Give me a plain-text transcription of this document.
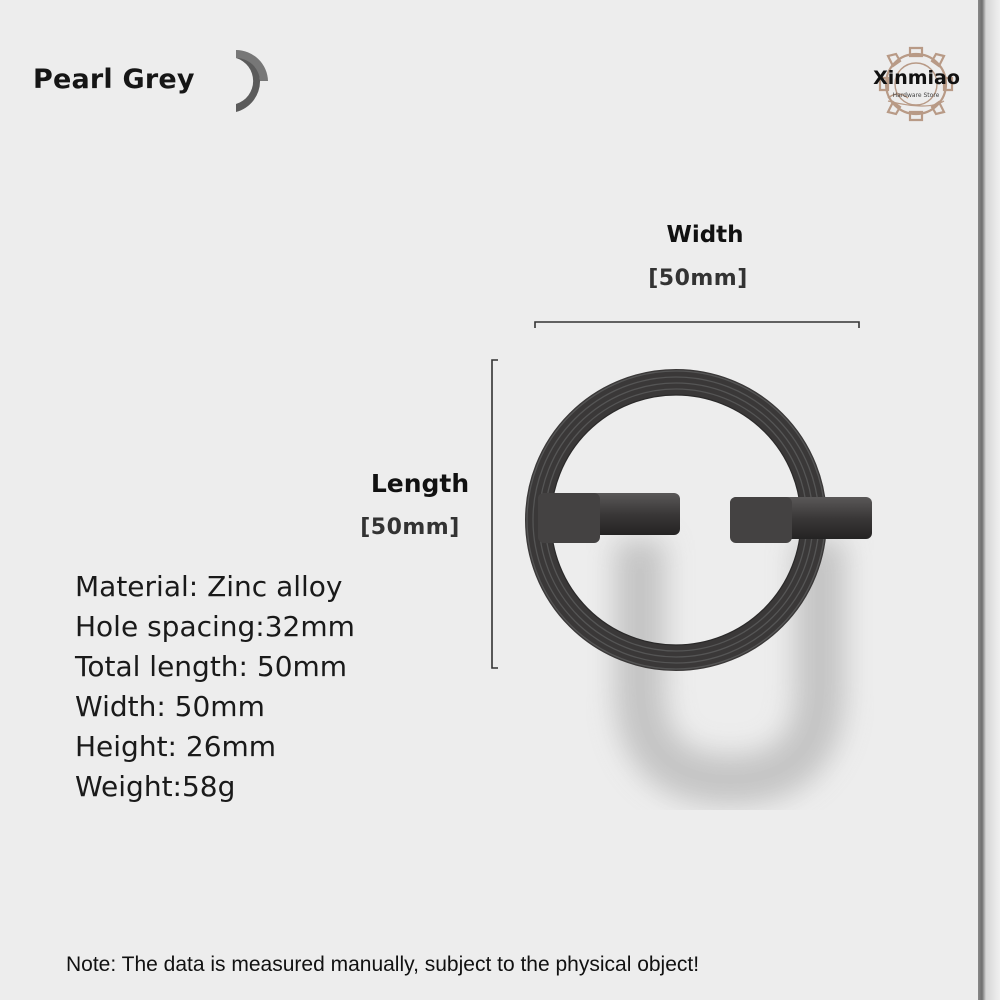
Pearl Grey	Xinmiao
Hardware Store
Width
[50mm]
Length
[50mm]
Material: Zinc alloy
Hole spacing:32mm
Total length: 50mm
Width: 50mm
Height: 26mm
Weight:58g
Note: The data is measured manually, subject to the physical object!
